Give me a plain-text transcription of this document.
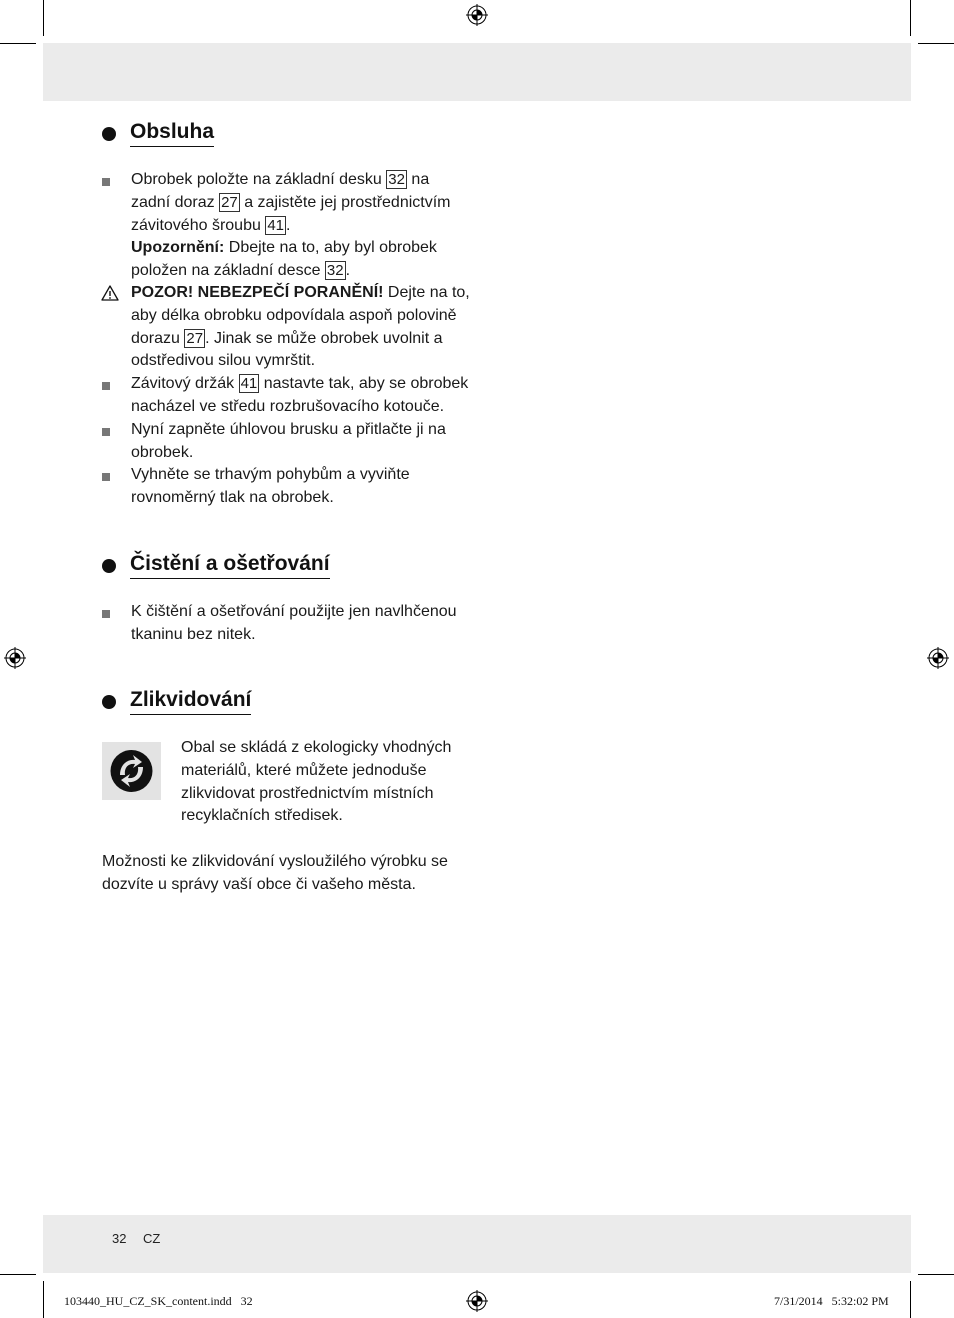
Obsluha
Obrobek položte na základní desku 32 na zadní doraz 27 a zajistěte jej prostřednictvím závitového šroubu 41 .
Upozornění: Dbejte na to, aby byl obrobek položen na základní desce 32 .
POZOR! NEBEZPEČÍ PORANĚNÍ! Dejte na to, aby délka obrobku odpovídala aspoň polovině dorazu 27 . Jinak se může obrobek uvolnit a odstředivou silou vymrštit.
Závitový držák 41 nastavte tak, aby se obrobek nacházel ve středu rozbrušovacího kotouče.
Nyní zapněte úhlovou brusku a přitlačte ji na obrobek.
Vyhněte se trhavým pohybům a vyviňte rovnoměrný tlak na obrobek.
Čistění a ošetřování
K čištění a ošetřování použijte jen navlhčenou tkaninu bez nitek.
Zlikvidování
Obal se skládá z ekologicky vhodných materiálů, které můžete jednoduše zlikvidovat prostřednictvím místních recyklačních středisek.
Možnosti ke zlikvidování vysloužilého výrobku se dozvíte u správy vaší obce či vašeho města.
32 CZ
103440_HU_CZ_SK_content.indd   32	7/31/2014   5:32:02 PM
